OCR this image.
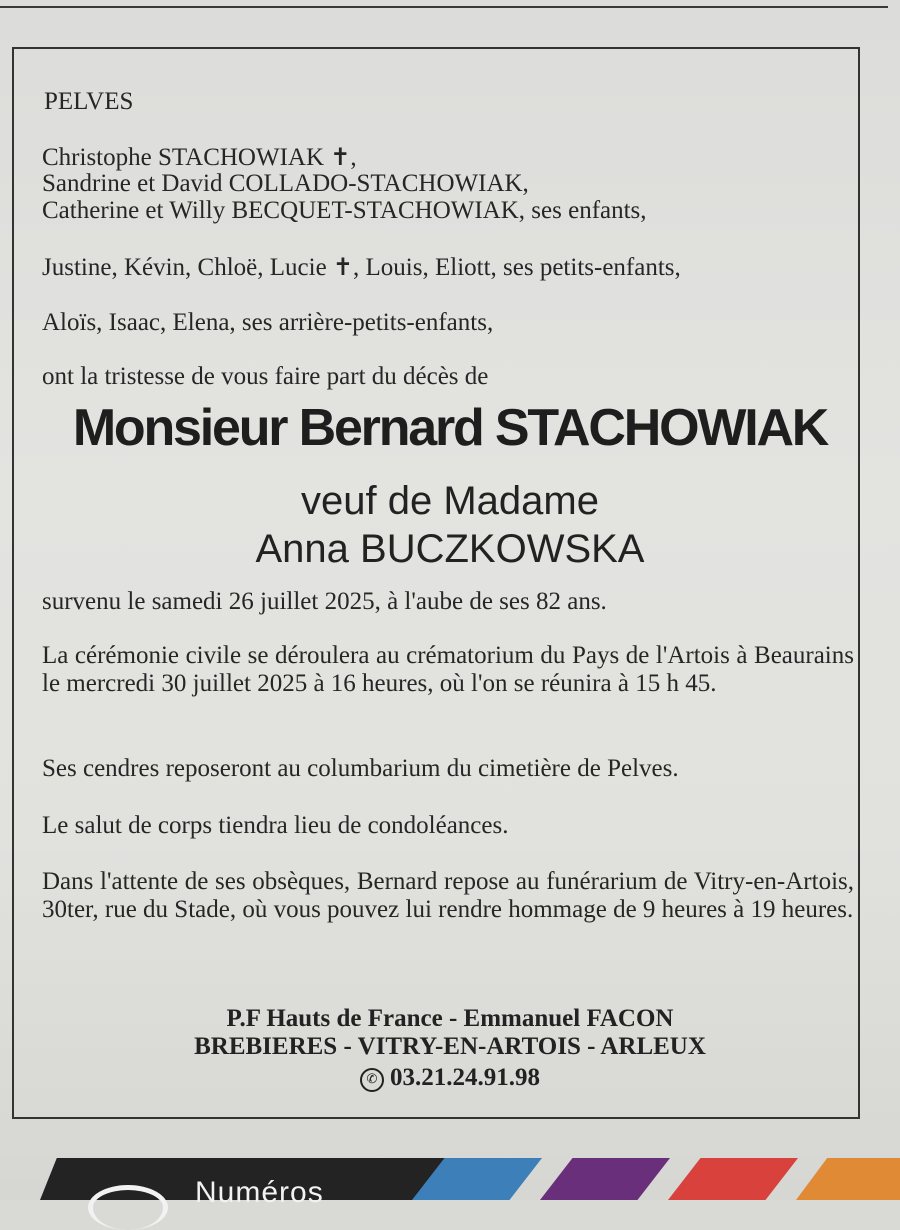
PELVES
Christophe STACHOWIAK ✝,
Sandrine et David COLLADO-STACHOWIAK,
Catherine et Willy BECQUET-STACHOWIAK, ses enfants,
Justine, Kévin, Chloë, Lucie ✝, Louis, Eliott, ses petits-enfants,
Aloïs, Isaac, Elena, ses arrière-petits-enfants,
ont la tristesse de vous faire part du décès de
Monsieur Bernard STACHOWIAK
veuf de Madame
Anna BUCZKOWSKA
survenu le samedi 26 juillet 2025, à l'aube de ses 82 ans.
La cérémonie civile se déroulera au crématorium du Pays de l'Artois à Beaurains le mercredi 30 juillet 2025 à 16 heures, où l'on se réunira à 15 h 45.
Ses cendres reposeront au columbarium du cimetière de Pelves.
Le salut de corps tiendra lieu de condoléances.
Dans l'attente de ses obsèques, Bernard repose au funérarium de Vitry-en-Artois, 30ter, rue du Stade, où vous pouvez lui rendre hommage de 9 heures à 19 heures.
P.F Hauts de France - Emmanuel FACON
BREBIERES - VITRY-EN-ARTOIS - ARLEUX
✆ 03.21.24.91.98
Numéros
